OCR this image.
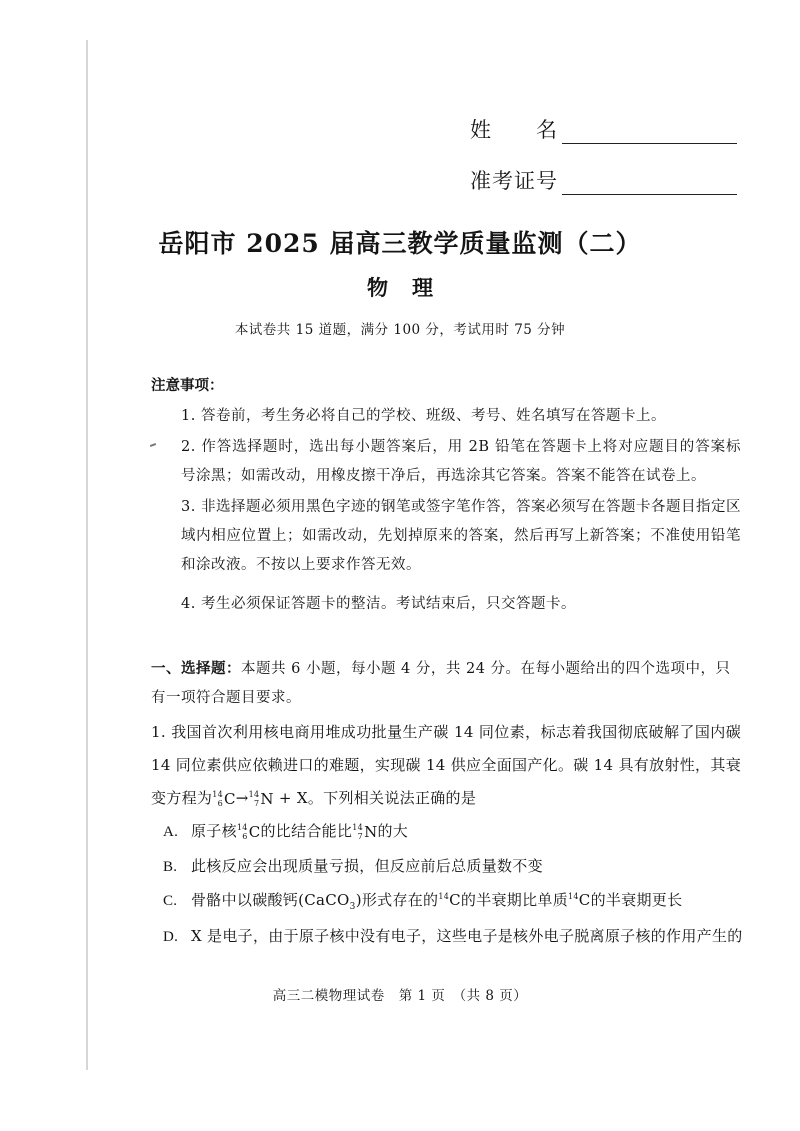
姓　　名
准考证号
岳阳市 2025 届高三教学质量监测（二）
物理
本试卷共 15 道题，满分 100 分，考试用时 75 分钟
注意事项：
1. 答卷前，考生务必将自己的学校、班级、考号、姓名填写在答题卡上。
2. 作答选择题时，选出每小题答案后，用 2B 铅笔在答题卡上将对应题目的答案标号涂黑；如需改动，用橡皮擦干净后，再选涂其它答案。答案不能答在试卷上。
3. 非选择题必须用黑色字迹的钢笔或签字笔作答，答案必须写在答题卡各题目指定区域内相应位置上；如需改动，先划掉原来的答案，然后再写上新答案；不准使用铅笔和涂改液。不按以上要求作答无效。
4. 考生必须保证答题卡的整洁。考试结束后，只交答题卡。
一、选择题：本题共 6 小题，每小题 4 分，共 24 分。在每小题给出的四个选项中，只有一项符合题目要求。
1. 我国首次利用核电商用堆成功批量生产碳 14 同位素，标志着我国彻底破解了国内碳 14 同位素供应依赖进口的难题，实现碳 14 供应全面国产化。碳 14 具有放射性，其衰变方程为 14
6 C → 14
7 N + X。下列相关说法正确的是
A. 原子核 14
6 C 的比结合能比 14
7 N 的大
B. 此核反应会出现质量亏损，但反应前后总质量数不变
C. 骨骼中以碳酸钙(CaCO$_3$)形式存在的$^{14}$C的半衰期比单质$^{14}$C的半衰期更长
D. X 是电子，由于原子核中没有电子，这些电子是核外电子脱离原子核的作用产生的
高三二模物理试卷　第 1 页　（共 8 页）
